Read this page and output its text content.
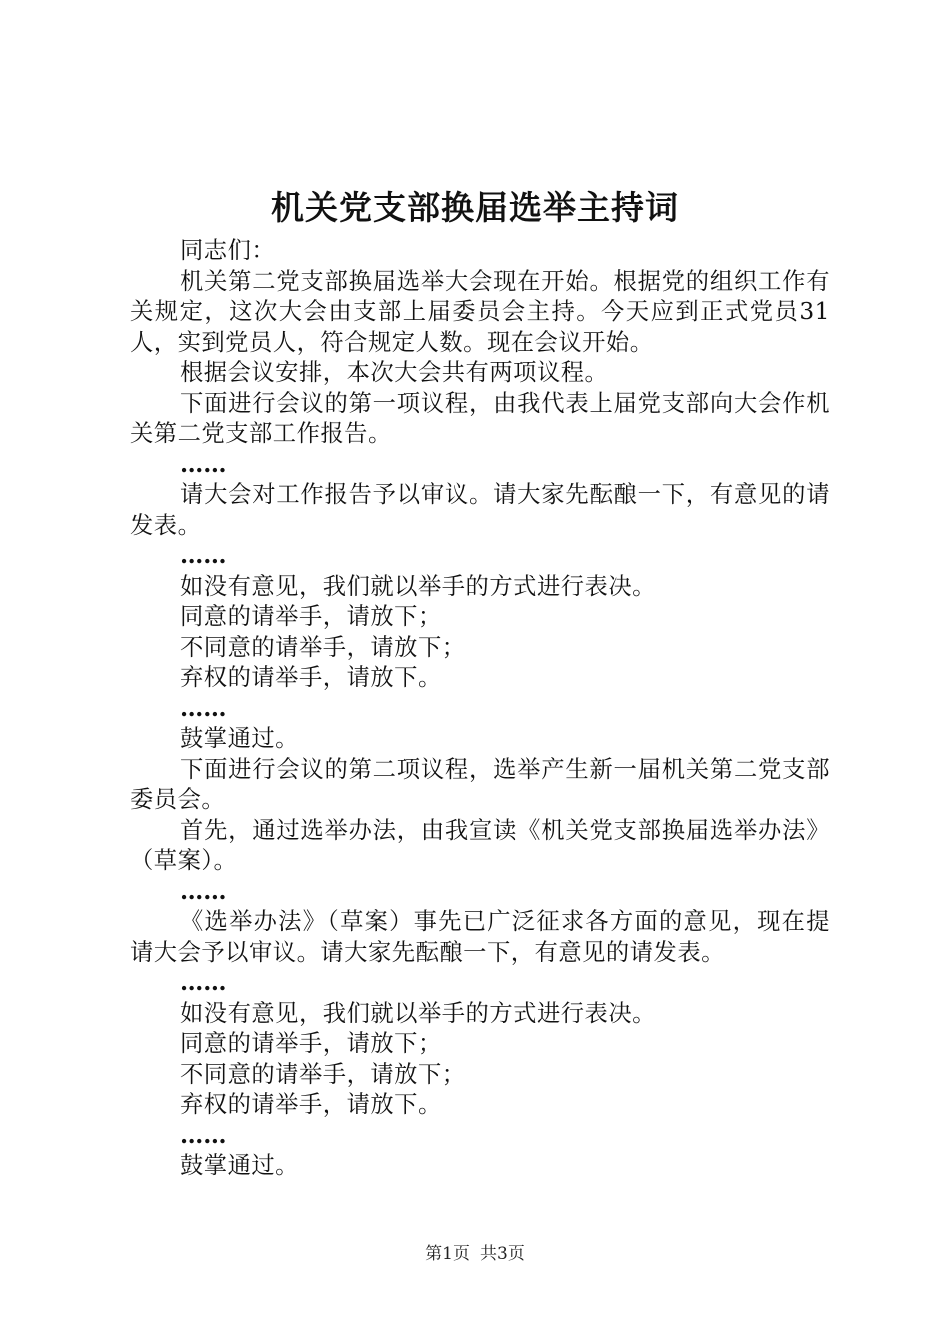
机关党支部换届选举主持词

同志们：

机关第二党支部换届选举大会现在开始。根据党的组织工作有关规定，这次大会由支部上届委员会主持。今天应到正式党员31人，实到党员人，符合规定人数。现在会议开始。

根据会议安排，本次大会共有两项议程。

下面进行会议的第一项议程，由我代表上届党支部向大会作机关第二党支部工作报告。

……

请大会对工作报告予以审议。请大家先酝酿一下，有意见的请发表。

……

如没有意见，我们就以举手的方式进行表决。

同意的请举手，请放下；

不同意的请举手，请放下；

弃权的请举手，请放下。

……

鼓掌通过。

下面进行会议的第二项议程，选举产生新一届机关第二党支部委员会。

首先，通过选举办法，由我宣读《机关党支部换届选举办法》（草案）。

……

《选举办法》（草案）事先已广泛征求各方面的意见，现在提请大会予以审议。请大家先酝酿一下，有意见的请发表。

……

如没有意见，我们就以举手的方式进行表决。

同意的请举手，请放下；

不同意的请举手，请放下；

弃权的请举手，请放下。

……

鼓掌通过。

第1页 共3页
